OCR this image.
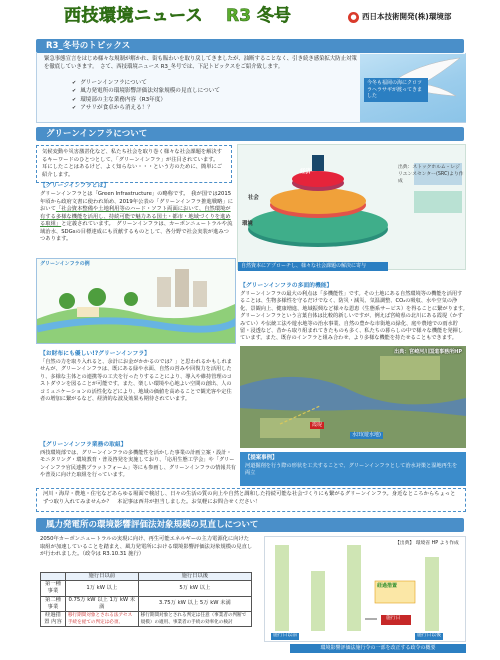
西技環境ニュース R3 冬号	● 西日本技術開発(株)環境部
R3_冬号のトピックス
緊急事態宣言をはじめ様々な規制が解かれ、街も賑わいを取り戻してきましたが、油断することなく、引き続き感染拡大防止対策を徹底していきます。　さて、西技環境ニュース R3_冬号では、下記トピックスをご紹介致します。
✔ グリーンインフラについて
✔ 風力発電所の環境影響評価法対象規模の見直しについて
✔ 環境部の主な業務内容（R3年度）
✔ アサリが食卓から消える！？
今冬も福岡の海にクロツラヘラサギが渡ってきました
グリーンインフラについて
気候変動や災害激甚化など、私たち社会を取り巻く様々な社会課題を解決するキーワードのひとつとして、「グリーンインフラ」が注目されています。　耳にしたことはあるけど、よく知らない・・・という方のために、簡単にご紹介します。
出典：ストックホルム・レジリエンスセンター(SRC)より作成
経済
社会
環境
自然資本にアプローチし、様々な社会課題の解決に寄与
【グリーンインフラとは】
グリーンインフラとは「Green Infrastructure」の略称です。　我が国では2015年頃から政府文書に使われ始め、2019年公表の「グリーンインフラ推進戦略」において「社会資本整備や土地利用等のハード・ソフト両面において、自然環境が有する多様な機能を活用し、持続可能で魅力ある国土・都市・地域づくりを進める取組」と定義されています。　グリーンインフラは、カーボンニュートラルや流域治水、SDGsの目標達成にも貢献するものとして、各分野で社会実装が進みつつあります。
グリーンインフラの例
【グリーンインフラの多面的機能】
グリーンインフラの最大の利点は「多機能性」です。その土地にある自然環境等の機能を活用することは、生物多様性を守るだけでなく、防災・減災、気温調整、CO₂の吸収、水や空気の浄化、景観向上、健康増進、地域振興など様々な恩恵（生態系サービス）を得ることに繋がります。　グリーンインフラという言葉自体は比較的新しいですが、例えば宮崎県の北川にある霞堤（かすみてい）や伝統工法や遊水地等の治水事業、自然の豊かな市街地の緑化、庭や農地での雨水貯留・浸透など、昔から取り組まれてきたものも多く、私たちの暮らしの中で様々な機能を発揮しています。また、既存のインフラと組み合わせ、より多様な機能を持たせることもできます。
【お財布にも優しい!?グリーンインフラ】
「自然の力を取り入れると、余計にお金がかかるのでは？」と思われるかもしれませんが、グリーンインフラは、既にある緑や水面、自然の営みや回復力を活用したり、多様な主体との連携等の工夫を行ったりすることにより、導入や維持管理のコストダウンを図ることが可能です。また、楽しい環境や心地よい空間の創出、人のコミュニケーションの活性化などにより、地域の価値を高めることで観光客や定住者の増加に繋がるなど、経済的な波及効果も期待されています。
【グリーンインフラ業務の取組】
西技環境部では、グリーンインフラの多機能性を活かした事業の計画立案・設計・モニタリング・環境教育・普及啓発を実施しており、「応用生態工学会」や「グリーンインフラ官民連携プラットフォーム」等にも参画し、グリーンインフラの情報共有や普及に向けた取組を行っています。
出典：宮崎河川国道事務所HP
霞堤
水田(遊水地)
【提案事例】
河道掘削を行う際の形状を工夫することで、グリーンインフラとして治水対策と湿地再生を両立
河川・海岸・農地・住宅などあらゆる場面で検討し、日々の生活の質の向上や自然と調和した持続可能な社会づくりにも繋がるグリーンインフラ。身近なところからちょっとずつ取り入れてみませんか？　本記事は西井が担当しました。お気軽にお問合せください！
風力発電所の環境影響評価法対象規模の見直しについて
2050年カーボンニュートラルの実現に向け、再生可能エネルギーの主力電源化に向けた取組が加速していることを踏まえ、風力発電所における環境影響評価法対象規模の見直しが行われました。（政令は R3.10.31 施行）
	施行日以前	施行日以後
第一種事業	1万 kW 以上	5万 kW 以上
第二種事業	0.75万 kW 以上 1万 kW 未満	3.75万 kW 以上 5万 kW 未満
経過措置 内容	移行期間対象とされる法アセス手続を経ての判定は必須、	移行期間対象とされる判定は任意（事業者の判断で規模）の適用、事業者の手続の効率化の検討
【出典】 環境省 HP より作成
経過措置
施行日
施行日以前	施行日以後
環境影響評価法施行令の一部を改正する政令の概要
